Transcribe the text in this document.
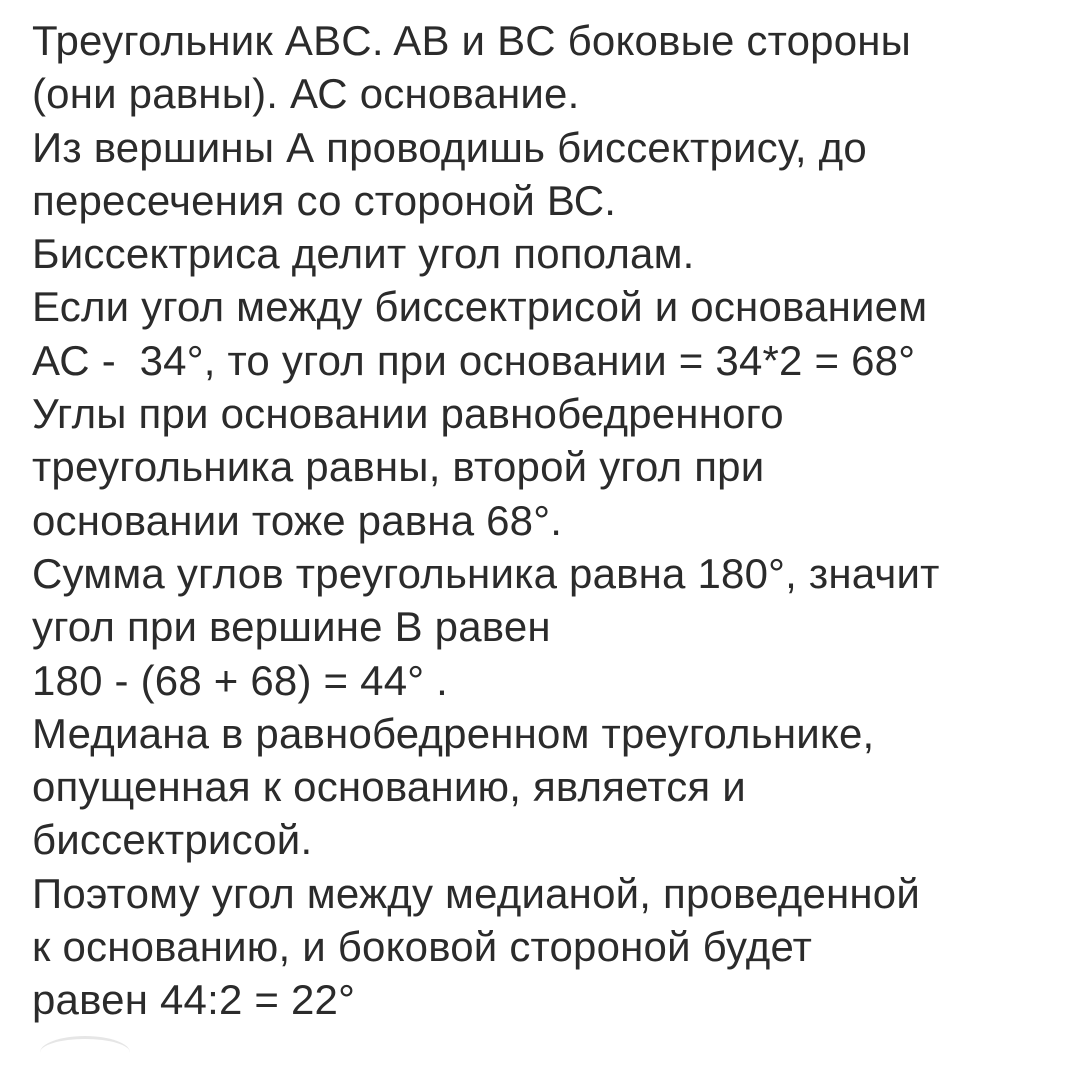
Треугольник ABC. AB и BC боковые стороны
(они равны). АС основание.
Из вершины А проводишь биссектрису, до
пересечения со стороной ВС.
Биссектриса делит угол пополам.
Если угол между биссектрисой и основанием
АС -  34°, то угол при основании = 34*2 = 68°
Углы при основании равнобедренного
треугольника равны, второй угол при
основании тоже равна 68°.
Сумма углов треугольника равна 180°, значит
угол при вершине В равен
180 - (68 + 68) = 44° .
Медиана в равнобедренном треугольнике,
опущенная к основанию, является и
биссектрисой.
Поэтому угол между медианой, проведенной
к основанию, и боковой стороной будет
равен 44:2 = 22°
